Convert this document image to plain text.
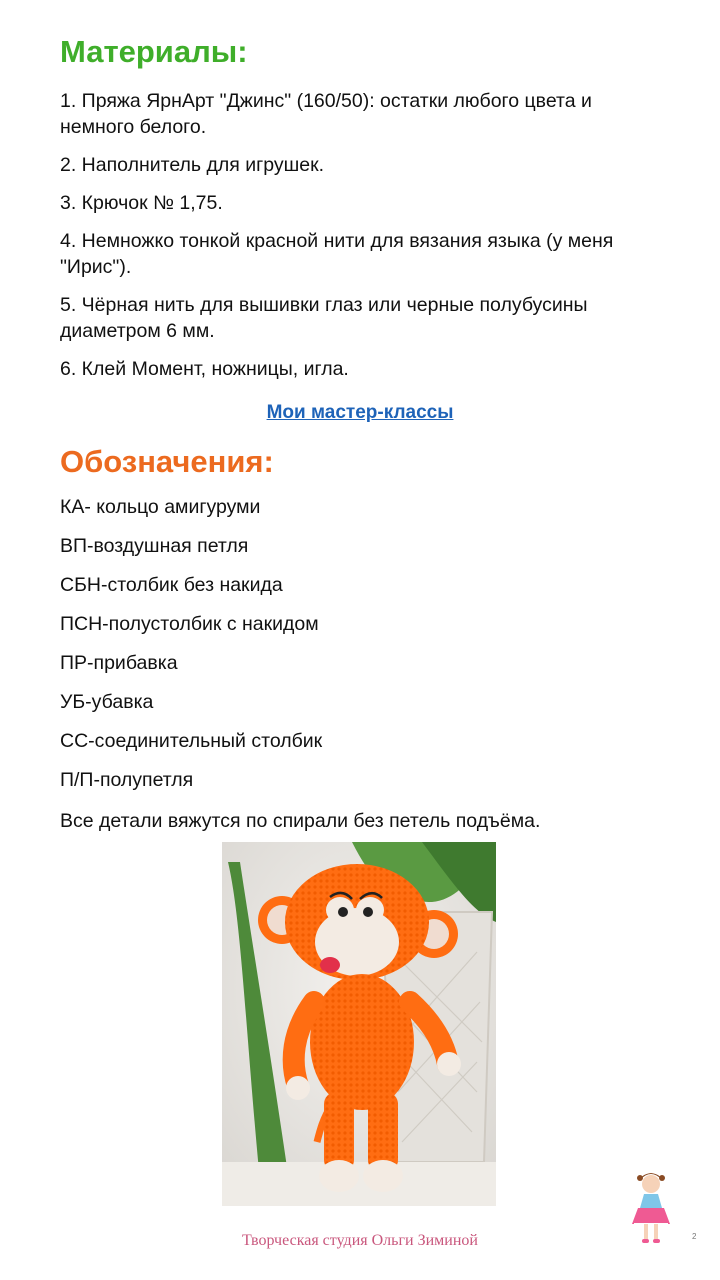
Материалы:
1. Пряжа ЯрнАрт "Джинс" (160/50): остатки любого цвета и немного белого.
2. Наполнитель для игрушек.
3. Крючок № 1,75.
4. Немножко тонкой красной нити для вязания языка (у меня "Ирис").
5. Чёрная нить для вышивки глаз или черные полубусины диаметром 6 мм.
6. Клей Момент, ножницы, игла.
Мои мастер-классы
Обозначения:
КА- кольцо амигуруми
ВП-воздушная петля
СБН-столбик без накида
ПСН-полустолбик с накидом
ПР-прибавка
УБ-убавка
СС-соединительный столбик
П/П-полупетля
Все детали вяжутся по спирали без петель подъёма.
Творческая студия Ольги Зиминой	2
